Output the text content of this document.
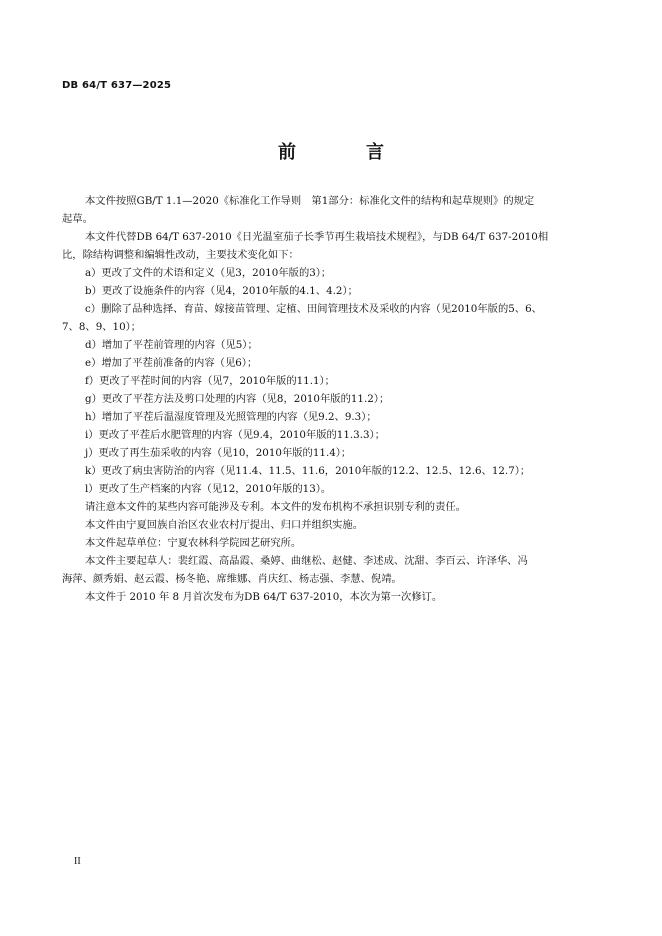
DB 64/T 637—2025
前　言
本文件按照GB/T 1.1—2020《标准化工作导则　第1部分：标准化文件的结构和起草规则》的规定
起草。
本文件代替DB 64/T 637-2010《日光温室茄子长季节再生栽培技术规程》，与DB 64/T 637-2010相
比，除结构调整和编辑性改动，主要技术变化如下：
a）更改了文件的术语和定义（见3，2010年版的3）；
b）更改了设施条件的内容（见4，2010年版的4.1、4.2）；
c）删除了品种选择、育苗、嫁接苗管理、定植、田间管理技术及采收的内容（见2010年版的5、6、
7、8、9、10）；
d）增加了平茬前管理的内容（见5）；
e）增加了平茬前准备的内容（见6）；
f）更改了平茬时间的内容（见7，2010年版的11.1）；
g）更改了平茬方法及剪口处理的内容（见8，2010年版的11.2）；
h）增加了平茬后温湿度管理及光照管理的内容（见9.2、9.3）；
i）更改了平茬后水肥管理的内容（见9.4，2010年版的11.3.3）；
j）更改了再生茄采收的内容（见10，2010年版的11.4）；
k）更改了病虫害防治的内容（见11.4、11.5、11.6，2010年版的12.2、12.5、12.6、12.7）；
l）更改了生产档案的内容（见12，2010年版的13）。
请注意本文件的某些内容可能涉及专利。本文件的发布机构不承担识别专利的责任。
本文件由宁夏回族自治区农业农村厅提出、归口并组织实施。
本文件起草单位：宁夏农林科学院园艺研究所。
本文件主要起草人：裴红霞、高晶霞、桑婷、曲继松、赵健、李述成、沈甜、李百云、许泽华、冯
海萍、颜秀娟、赵云霞、杨冬艳、席维娜、肖庆红、杨志强、李慧、倪靖。
本文件于 2010 年 8 月首次发布为DB 64/T 637-2010，本次为第一次修订。
II
